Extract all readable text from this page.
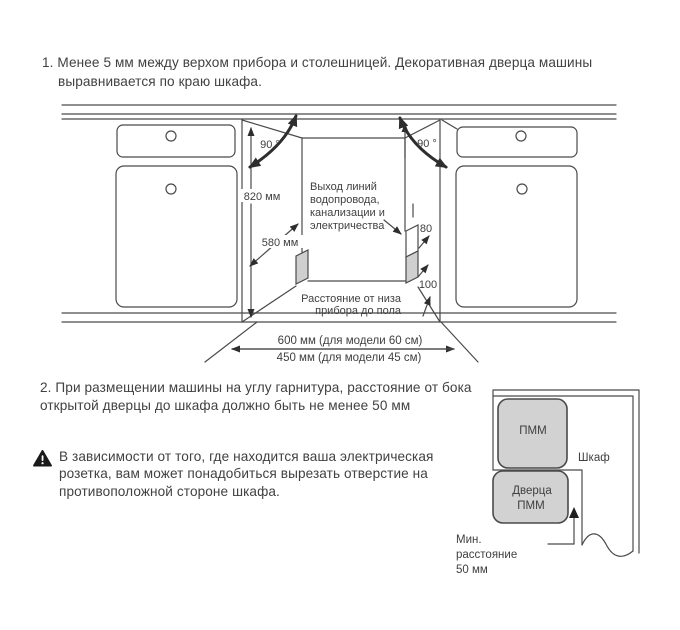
1. Менее 5 мм между верхом прибора и столешницей. Декоративная дверца машины выравнивается по краю шкафа.

90 °	90 °
820 мм
580 мм
Выход линий
водопровода,
канализации и
электричества	80
100
Расстояние от низа
прибора до пола
600 мм (для модели 60 см)
450 мм (для модели 45 см)

2. При размещении машины на углу гарнитура, расстояние от бока открытой дверцы до шкафа должно быть не менее 50 мм

В зависимости от того, где находится ваша электрическая розетка, вам может понадобиться вырезать отверстие на противоположной стороне шкафа.

ПММ
Дверца
ПММ
Шкаф
Мин.
расстояние
50 мм
